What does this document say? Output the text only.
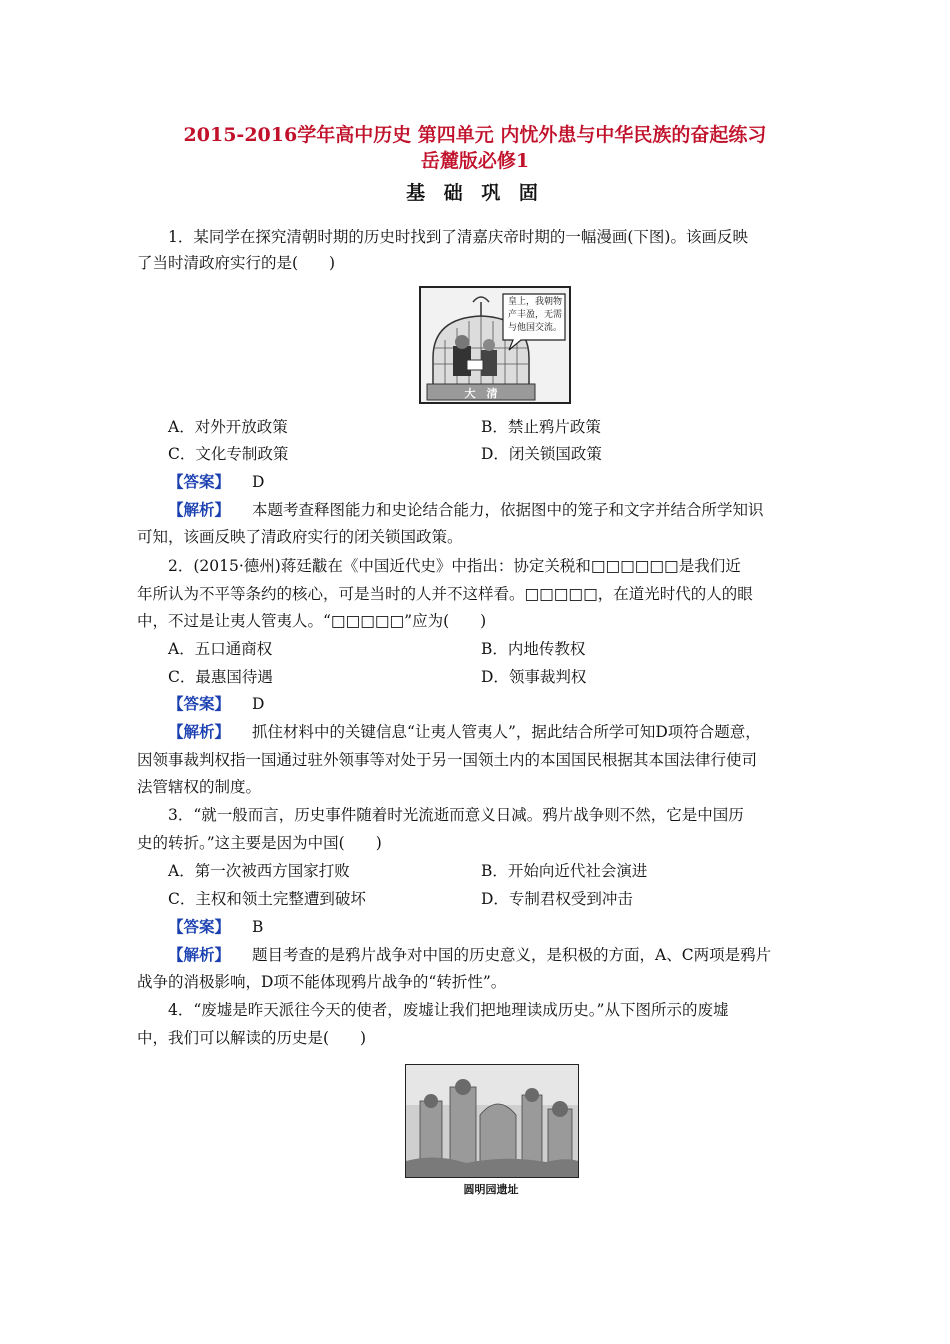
2015-2016学年高中历史 第四单元 内忧外患与中华民族的奋起练习
岳麓版必修1
基 础 巩 固
1．某同学在探究清朝时期的历史时找到了清嘉庆帝时期的一幅漫画(下图)。该画反映
了当时清政府实行的是(　　)
皇上，我朝物
产丰盈，无需
与他国交流。
大　清
A．对外开放政策	B．禁止鸦片政策
C．文化专制政策	D．闭关锁国政策
【答案】 D
【解析】 本题考查释图能力和史论结合能力，依据图中的笼子和文字并结合所学知识
可知，该画反映了清政府实行的闭关锁国政策。
2．(2015·德州)蒋廷黻在《中国近代史》中指出：协定关税和□□□□□□是我们近
年所认为不平等条约的核心，可是当时的人并不这样看。□□□□□，在道光时代的人的眼
中，不过是让夷人管夷人。“□□□□□”应为(　　)
A．五口通商权	B．内地传教权
C．最惠国待遇	D．领事裁判权
【答案】 D
【解析】 抓住材料中的关键信息“让夷人管夷人”，据此结合所学可知D项符合题意，
因领事裁判权指一国通过驻外领事等对处于另一国领土内的本国国民根据其本国法律行使司
法管辖权的制度。
3．“就一般而言，历史事件随着时光流逝而意义日减。鸦片战争则不然，它是中国历
史的转折。”这主要是因为中国(　　)
A．第一次被西方国家打败	B．开始向近代社会演进
C．主权和领土完整遭到破坏	D．专制君权受到冲击
【答案】 B
【解析】 题目考查的是鸦片战争对中国的历史意义，是积极的方面，A、C两项是鸦片
战争的消极影响，D项不能体现鸦片战争的“转折性”。
4．“废墟是昨天派往今天的使者，废墟让我们把地理读成历史。”从下图所示的废墟
中，我们可以解读的历史是(　　)
圆明园遗址
